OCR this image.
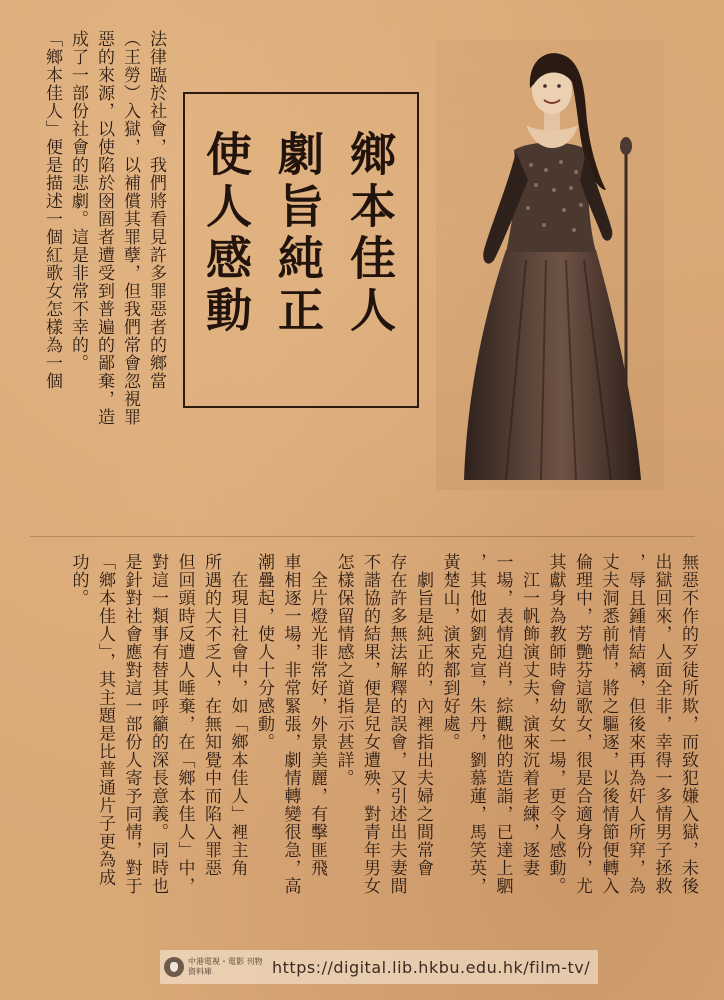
法律臨於社會，我們將看見許多罪惡者的鄉當
（王勞）入獄，以補償其罪孽，但我們常會忽視罪
惡的來源，以使陷於囹圄者遭受到普遍的鄙棄，造
成了一部份社會的悲劇。這是非常不幸的。
「鄉本佳人」便是描述一個紅歌女怎樣為一個	鄉本佳人
劇旨純正
使人感動
無惡不作的歹徒所欺，而致犯嫌入獄，未後
出獄回來，人面全非，幸得一多情男子拯救
，辱且鍾情結褵，但後來再為奸人所穽，為
丈夫洞悉前情，將之驅逐，以後情節便轉入
倫理中，芳艷芬這歌女，很是合適身份，尤
其獻身為教師時會幼女一場，更令人感動。
　江一帆飾演丈夫，演來沉着老練，逐妻
一場，表情迫肖，綜觀他的造詣，已達上駟
，其他如劉克宣，朱丹，劉慕蓮，馬笑英，
黃楚山，演來都到好處。
　劇旨是純正的，內裡指出夫婦之間常會
存在許多無法解釋的誤會，又引述出夫妻間
不諧協的結果，便是兒女遭殃，對青年男女
怎樣保留情感之道指示甚詳。
　全片燈光非常好，外景美麗，有擊匪飛
車相逐一場，非常緊張，劇情轉變很急，高
潮疊起，使人十分感動。
　在現目社會中，如「鄉本佳人」裡主角
所遇的大不乏人，在無知覺中而陷入罪惡
但回頭時反遭人唾棄，在「鄉本佳人」中，
對這一類事有替其呼籲的深長意義。同時也
是針對社會應對這一部份人寄予同情，對于
「鄉本佳人」，其主題是比普通片子更為成
功的。
中港電視・電影 刊物資料庫	https://digital.lib.hkbu.edu.hk/film-tv/
